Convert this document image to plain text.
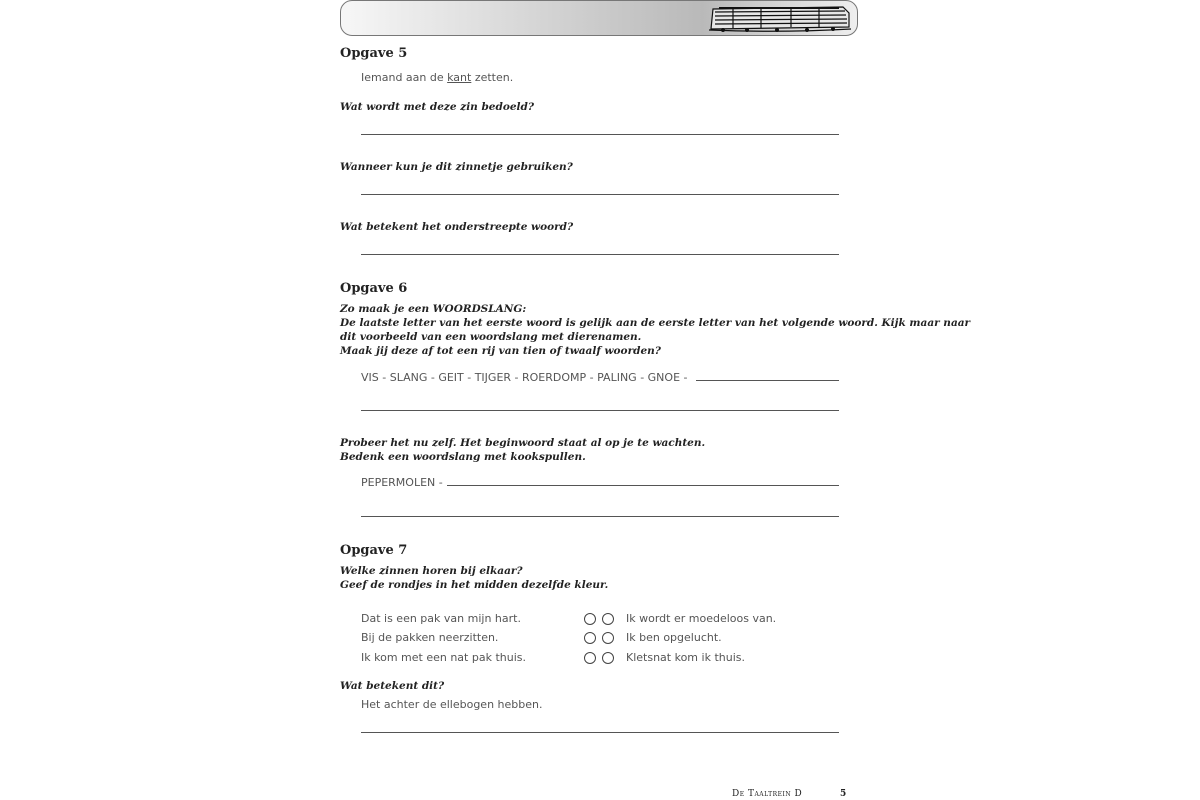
Opgave 5
Iemand aan de kant zetten.
Wat wordt met deze zin bedoeld?
Wanneer kun je dit zinnetje gebruiken?
Wat betekent het onderstreepte woord?
Opgave 6
Zo maak je een WOORDSLANG:
De laatste letter van het eerste woord is gelijk aan de eerste letter van het volgende woord. Kijk maar naar
dit voorbeeld van een woordslang met dierenamen.
Maak jij deze af tot een rij van tien of twaalf woorden?
VIS - SLANG - GEIT - TIJGER - ROERDOMP - PALING - GNOE -
Probeer het nu zelf. Het beginwoord staat al op je te wachten.
Bedenk een woordslang met kookspullen.
PEPERMOLEN -
Opgave 7
Welke zinnen horen bij elkaar?
Geef de rondjes in het midden dezelfde kleur.
Dat is een pak van mijn hart.
Bij de pakken neerzitten.
Ik kom met een nat pak thuis.
Ik wordt er moedeloos van.
Ik ben opgelucht.
Kletsnat kom ik thuis.
Wat betekent dit?
Het achter de ellebogen hebben.
De Taaltrein D	5
